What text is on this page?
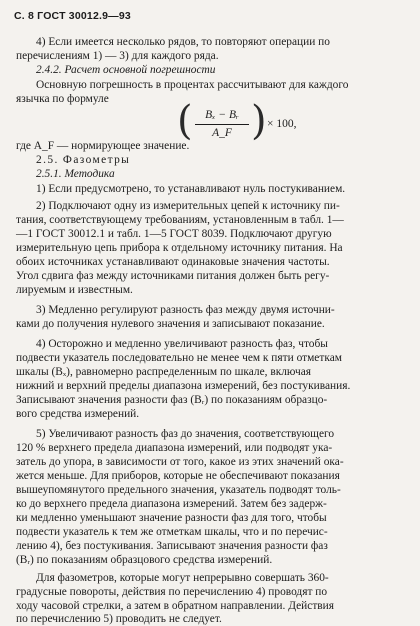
С. 8 ГОСТ 30012.9—93
4) Если имеется несколько рядов, то повторяют операции по
перечислениям 1) — 3) для каждого ряда.
2.4.2. Расчет основной погрешности
Основную погрешность в процентах рассчитывают для каждого
язычка по формуле	(	Bₓ − Bᵣ
A_F ) × 100,
где A_F — нормирующее значение.
2.5. Фазометры
2.5.1. Методика
1) Если предусмотрено, то устанавливают нуль постукиванием.
2) Подключают одну из измерительных цепей к источнику пи-
тания, соответствующему требованиям, установленным в табл. 1—
—1 ГОСТ 30012.1 и табл. 1—5 ГОСТ 8039. Подключают другую
измерительную цепь прибора к отдельному источнику питания. На
обоих источниках устанавливают одинаковые значения частоты.
Угол сдвига фаз между источниками питания должен быть регу-
лируемым и известным.
3) Медленно регулируют разность фаз между двумя источни-
ками до получения нулевого значения и записывают показание.
4) Осторожно и медленно увеличивают разность фаз, чтобы
подвести указатель последовательно не менее чем к пяти отметкам
шкалы (Bₓ), равномерно распределенным по шкале, включая
нижний и верхний пределы диапазона измерений, без постукивания.
Записывают значения разности фаз (Bᵣ) по показаниям образцо-
вого средства измерений.
5) Увеличивают разность фаз до значения, соответствующего
120 % верхнего предела диапазона измерений, или подводят ука-
затель до упора, в зависимости от того, какое из этих значений ока-
жется меньше. Для приборов, которые не обеспечивают показания
вышеупомянутого предельного значения, указатель подводят толь-
ко до верхнего предела диапазона измерений. Затем без задерж-
ки медленно уменьшают значение разности фаз для того, чтобы
подвести указатель к тем же отметкам шкалы, что и по перечис-
лению 4), без постукивания. Записывают значения разности фаз
(Bᵣ) по показаниям образцового средства измерений.
Для фазометров, которые могут непрерывно совершать 360-
градусные повороты, действия по перечислению 4) проводят по
ходу часовой стрелки, а затем в обратном направлении. Действия
по перечислению 5) проводить не следует.
